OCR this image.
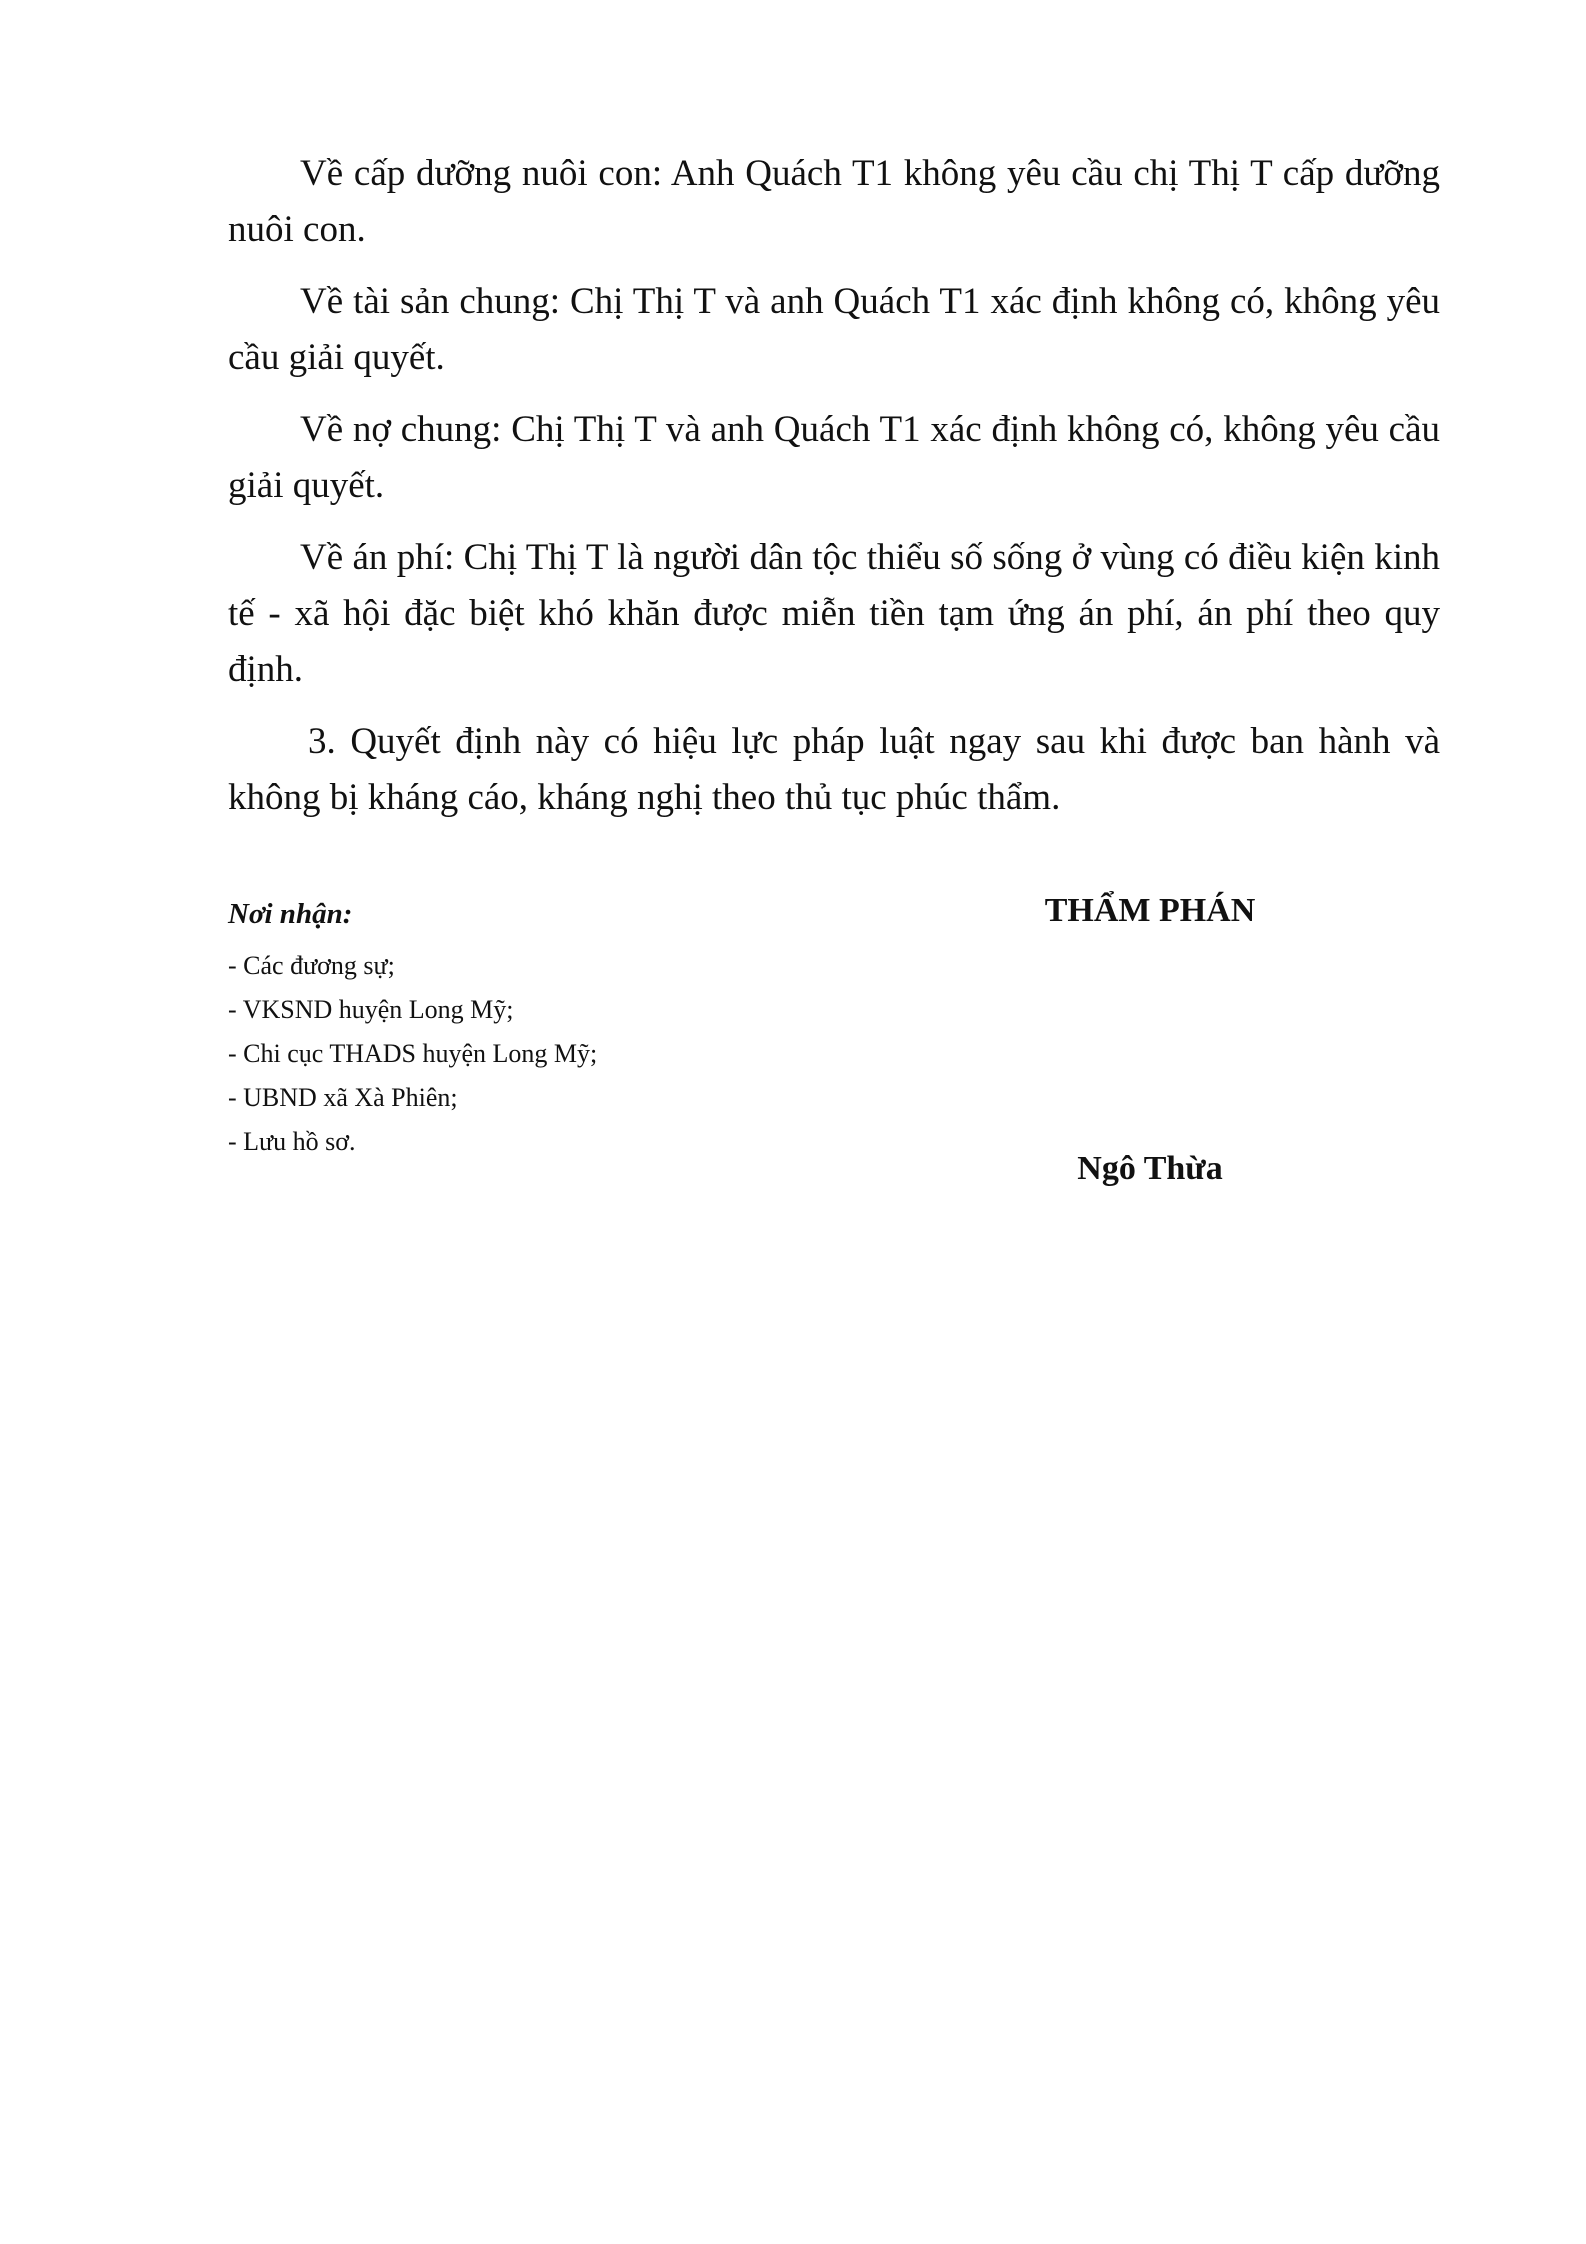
Về cấp dưỡng nuôi con: Anh Quách T1 không yêu cầu chị Thị T cấp dưỡng nuôi con.

Về tài sản chung: Chị Thị T và anh Quách T1 xác định không có, không yêu cầu giải quyết.

Về nợ chung: Chị Thị T và anh Quách T1 xác định không có, không yêu cầu giải quyết.

Về án phí: Chị Thị T là người dân tộc thiểu số sống ở vùng có điều kiện kinh tế - xã hội đặc biệt khó khăn được miễn tiền tạm ứng án phí, án phí theo quy định.

3. Quyết định này có hiệu lực pháp luật ngay sau khi được ban hành và không bị kháng cáo, kháng nghị theo thủ tục phúc thẩm.

Nơi nhận:
- Các đương sự;
- VKSND huyện Long Mỹ;
- Chi cục THADS huyện Long Mỹ;
- UBND xã Xà Phiên;
- Lưu hồ sơ.
THẨM PHÁN
Ngô Thừa
